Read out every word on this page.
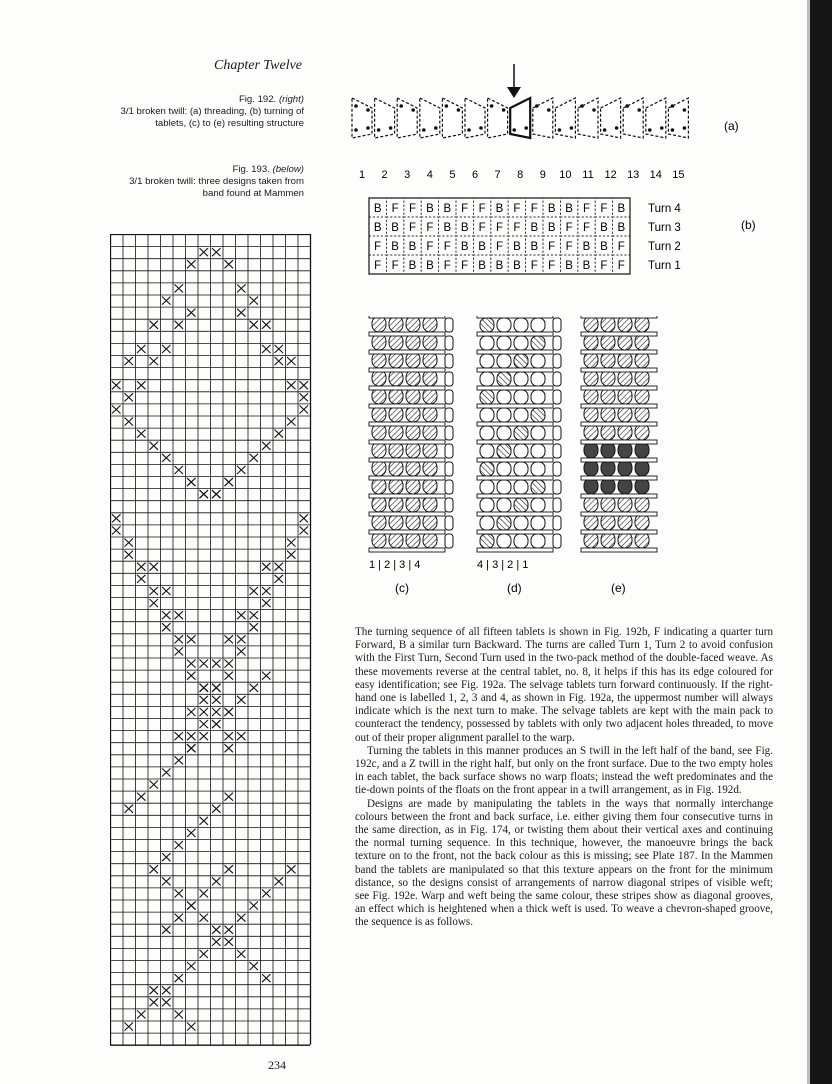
Chapter Twelve
Fig. 192. (right)
3/1 broken twill: (a) threading, (b) turning of tablets, (c) to (e) resulting structure
Fig. 193. (below)
3/1 broken twill: three designs taken from band found at Mammen
(a)
1 2 3 4 5 6 7 8 9 10 11 12 13 14 15
B F F B B F F B F F B B F F B Turn 4
B B F F B B F F F B B F F B B Turn 3
F B B F F B B F B B F F B B F Turn 2
F F B B F F B B B F F B B F F Turn 1
(b)
1 | 2 | 3 | 4	4 | 3 | 2 | 1
(c)	(d)	(e)

The turning sequence of all fifteen tablets is shown in Fig. 192b, F indicating a quarter turn Forward, B a similar turn Backward. The turns are called Turn 1, Turn 2 to avoid confusion with the First Turn, Second Turn used in the two-pack method of the double-faced weave. As these movements reverse at the central tablet, no. 8, it helps if this has its edge coloured for easy identification; see Fig. 192a. The selvage tablets turn forward continuously. If the right-hand one is labelled 1, 2, 3 and 4, as shown in Fig. 192a, the uppermost number will always indicate which is the next turn to make. The selvage tablets are kept with the main pack to counteract the tendency, possessed by tablets with only two adjacent holes threaded, to move out of their proper alignment parallel to the warp.

Turning the tablets in this manner produces an S twill in the left half of the band, see Fig. 192c, and a Z twill in the right half, but only on the front surface. Due to the two empty holes in each tablet, the back surface shows no warp floats; instead the weft predominates and the tie-down points of the floats on the front appear in a twill arrangement, as in Fig. 192d.

Designs are made by manipulating the tablets in the ways that normally interchange colours between the front and back surface, i.e. either giving them four consecutive turns in the same direction, as in Fig. 174, or twisting them about their vertical axes and continuing the normal turning sequence. In this technique, however, the manoeuvre brings the back texture on to the front, not the back colour as this is missing; see Plate 187. In the Mammen band the tablets are manipulated so that this texture appears on the front for the minimum distance, so the designs consist of arrangements of narrow diagonal stripes of visible weft; see Fig. 192e. Warp and weft being the same colour, these stripes show as diagonal grooves, an effect which is heightened when a thick weft is used. To weave a chevron-shaped groove, the sequence is as follows.

234
